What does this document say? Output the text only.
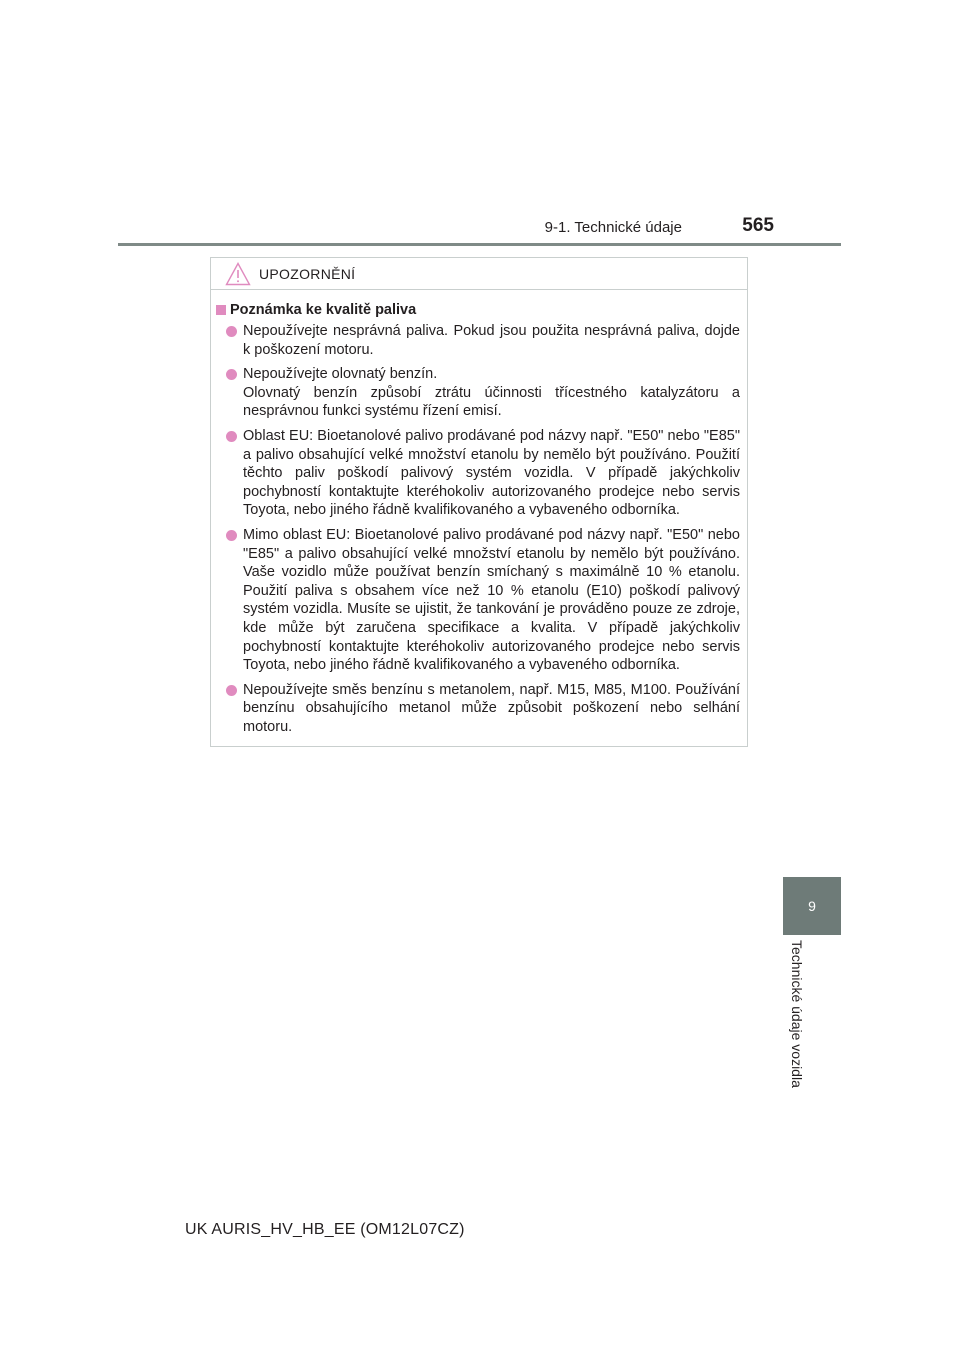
9-1. Technické údaje	565
9
Technické údaje vozidla
UPOZORNĚNÍ
Poznámka ke kvalitě paliva
Nepoužívejte nesprávná paliva. Pokud jsou použita nesprávná paliva, dojde k poškození motoru.
Nepoužívejte olovnatý benzín.
Olovnatý benzín způsobí ztrátu účinnosti třícestného katalyzátoru a nesprávnou funkci systému řízení emisí.
Oblast EU: Bioetanolové palivo prodávané pod názvy např. "E50" nebo "E85" a palivo obsahující velké množství etanolu by nemělo být používáno. Použití těchto paliv poškodí palivový systém vozidla. V případě jakýchkoliv pochybností kontaktujte kteréhokoliv autorizovaného prodejce nebo servis Toyota, nebo jiného řádně kvalifikovaného a vybaveného odborníka.
Mimo oblast EU: Bioetanolové palivo prodávané pod názvy např. "E50" nebo "E85" a palivo obsahující velké množství etanolu by nemělo být používáno. Vaše vozidlo může používat benzín smíchaný s maximálně 10 % etanolu. Použití paliva s obsahem více než 10 % etanolu (E10) poškodí palivový systém vozidla. Musíte se ujistit, že tankování je prováděno pouze ze zdroje, kde může být zaručena specifikace a kvalita. V případě jakýchkoliv pochybností kontaktujte kteréhokoliv autorizovaného prodejce nebo servis Toyota, nebo jiného řádně kvalifikovaného a vybaveného odborníka.
Nepoužívejte směs benzínu s metanolem, např. M15, M85, M100. Používání benzínu obsahujícího metanol může způsobit poškození nebo selhání motoru.
UK AURIS_HV_HB_EE (OM12L07CZ)
